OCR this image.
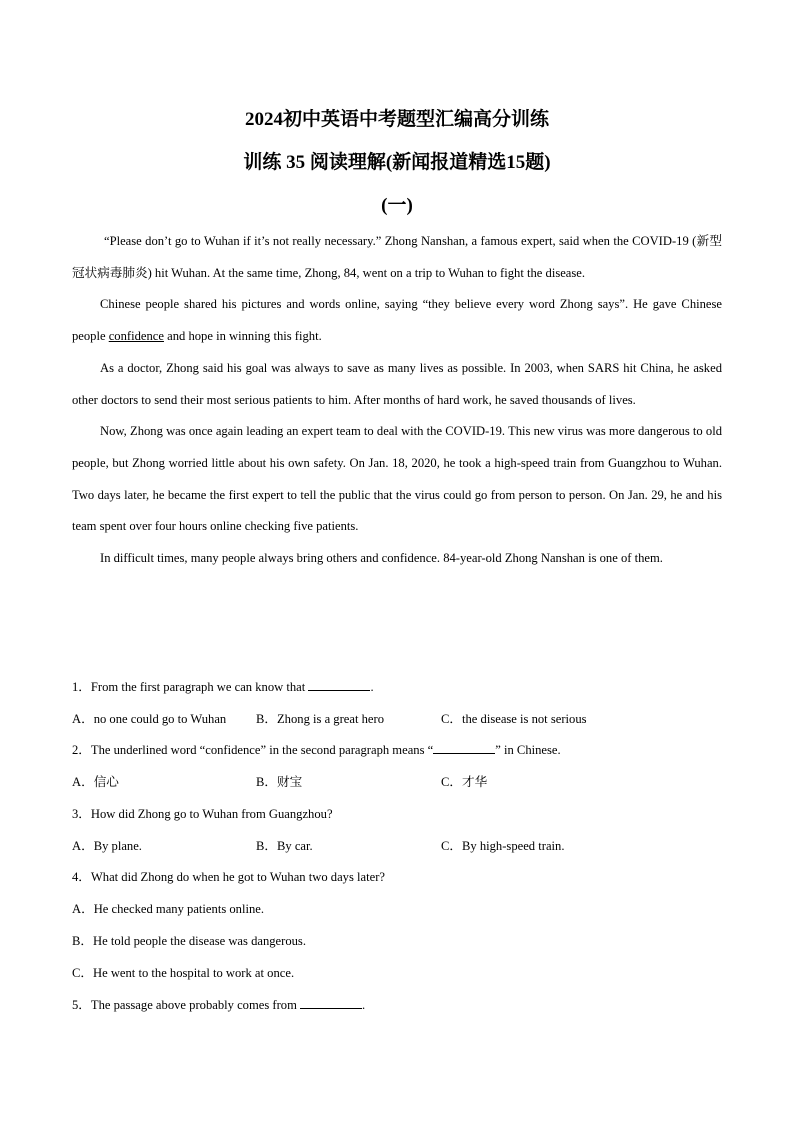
2024初中英语中考题型汇编高分训练
训练 35 阅读理解(新闻报道精选15题)
(一)

“Please don’t go to Wuhan if it’s not really necessary.” Zhong Nanshan, a famous expert, said when the COVID-19 (新型冠状病毒肺炎) hit Wuhan. At the same time, Zhong, 84, went on a trip to Wuhan to fight the disease.

Chinese people shared his pictures and words online, saying “they believe every word Zhong says”. He gave Chinese people confidence and hope in winning this fight.

As a doctor, Zhong said his goal was always to save as many lives as possible. In 2003, when SARS hit China, he asked other doctors to send their most serious patients to him. After months of hard work, he saved thousands of lives.

Now, Zhong was once again leading an expert team to deal with the COVID-19. This new virus was more dangerous to old people, but Zhong worried little about his own safety. On Jan. 18, 2020, he took a high-speed train from Guangzhou to Wuhan. Two days later, he became the first expert to tell the public that the virus could go from person to person. On Jan. 29, he and his team spent over four hours online checking five patients.

In difficult times, many people always bring others and confidence. 84-year-old Zhong Nanshan is one of them.

1．From the first paragraph we can know that	.
A．no one could go to Wuhan B．Zhong is a great hero	C．the disease is not serious
2．The underlined word “confidence” in the second paragraph means “	” in Chinese.
A．信心	B．财宝	C．才华
3．How did Zhong go to Wuhan from Guangzhou?
A．By plane.	B．By car.	C．By high-speed train.
4．What did Zhong do when he got to Wuhan two days later?
A．He checked many patients online.
B．He told people the disease was dangerous.
C．He went to the hospital to work at once.
5．The passage above probably comes from	.
